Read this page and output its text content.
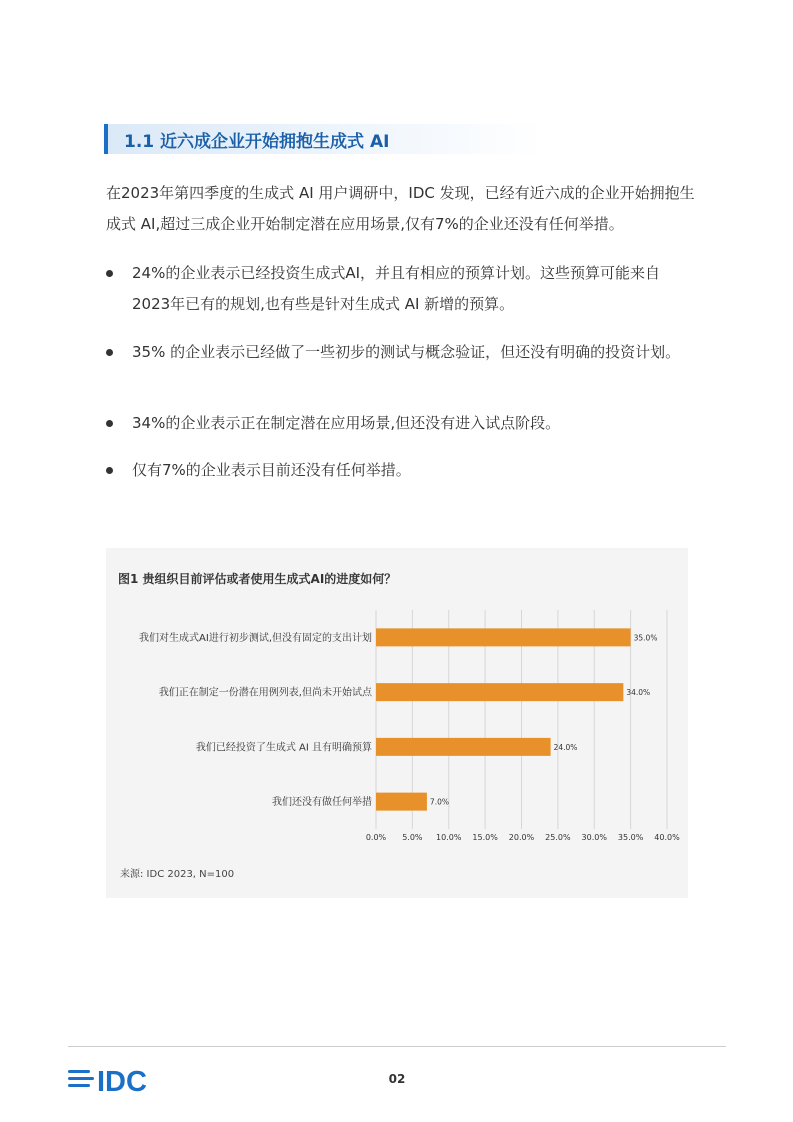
1.1 近六成企业开始拥抱生成式 AI
在2023年第四季度的生成式 AI 用户调研中，IDC 发现，已经有近六成的企业开始拥抱生成式 AI,超过三成企业开始制定潜在应用场景,仅有7%的企业还没有任何举措。
24%的企业表示已经投资生成式AI，并且有相应的预算计划。这些预算可能来自2023年已有的规划,也有些是针对生成式 AI 新增的预算。
35% 的企业表示已经做了一些初步的测试与概念验证，但还没有明确的投资计划。
34%的企业表示正在制定潜在应用场景,但还没有进入试点阶段。
仅有7%的企业表示目前还没有任何举措。
图1 贵组织目前评估或者使用生成式AI的进度如何？
0.0% 5.0% 10.0% 15.0% 20.0% 25.0% 30.0% 35.0% 40.0%
我们对生成式AI进行初步测试,但没有固定的支出计划	35.0%
我们正在制定一份潜在用例列表,但尚未开始试点	34.0%
我们已经投资了生成式 AI 且有明确预算	24.0%
我们还没有做任何举措	7.0%
来源: IDC 2023, N=100
IDC	02
